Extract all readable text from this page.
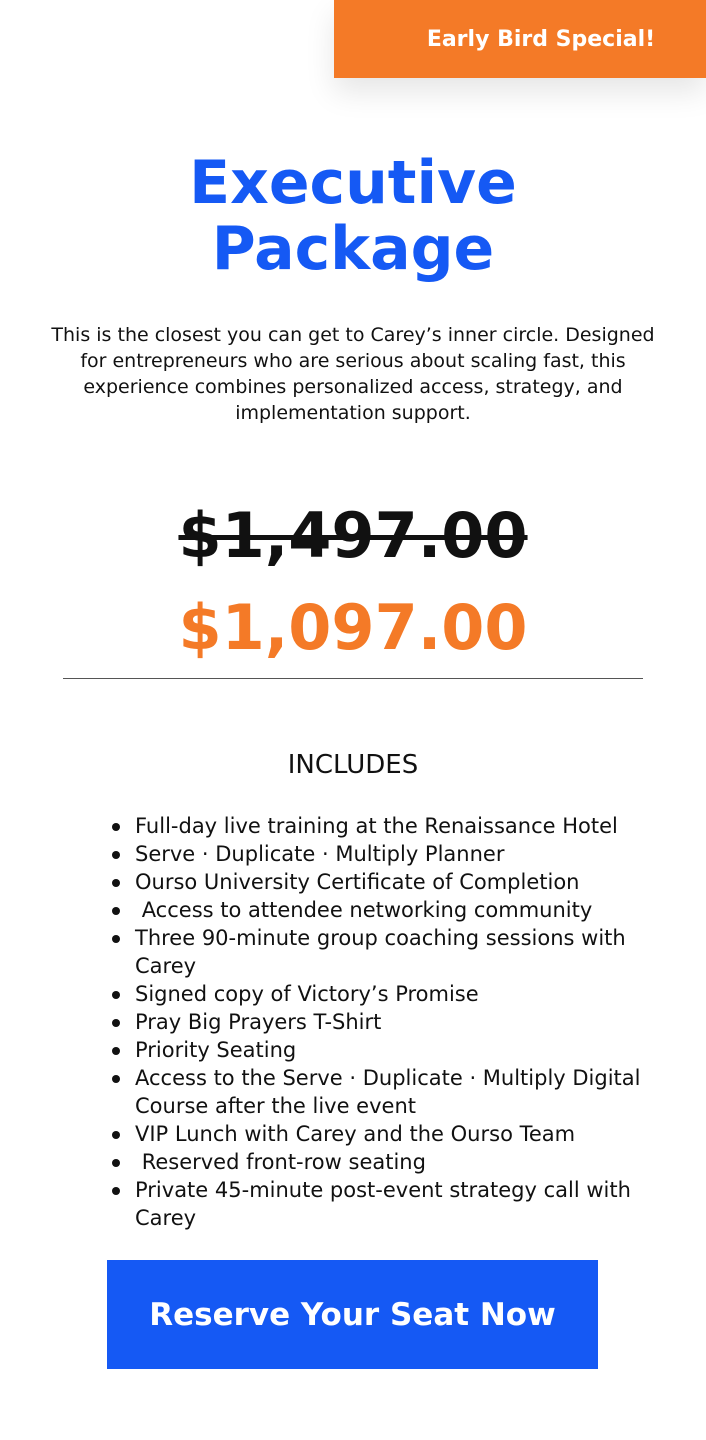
Early Bird Special!
Executive
Package

This is the closest you can get to Carey’s inner circle. Designed for entrepreneurs who are serious about scaling fast, this experience combines personalized access, strategy, and implementation support.

$1,497.00
$1,097.00
INCLUDES
Full-day live training at the Renaissance Hotel
Serve · Duplicate · Multiply Planner
Ourso University Certificate of Completion
Access to attendee networking community
Three 90-minute group coaching sessions with Carey
Signed copy of Victory’s Promise
Pray Big Prayers T-Shirt
Priority Seating
Access to the Serve · Duplicate · Multiply Digital Course after the live event
VIP Lunch with Carey and the Ourso Team
Reserved front-row seating
Private 45-minute post-event strategy call with Carey
Reserve Your Seat Now
